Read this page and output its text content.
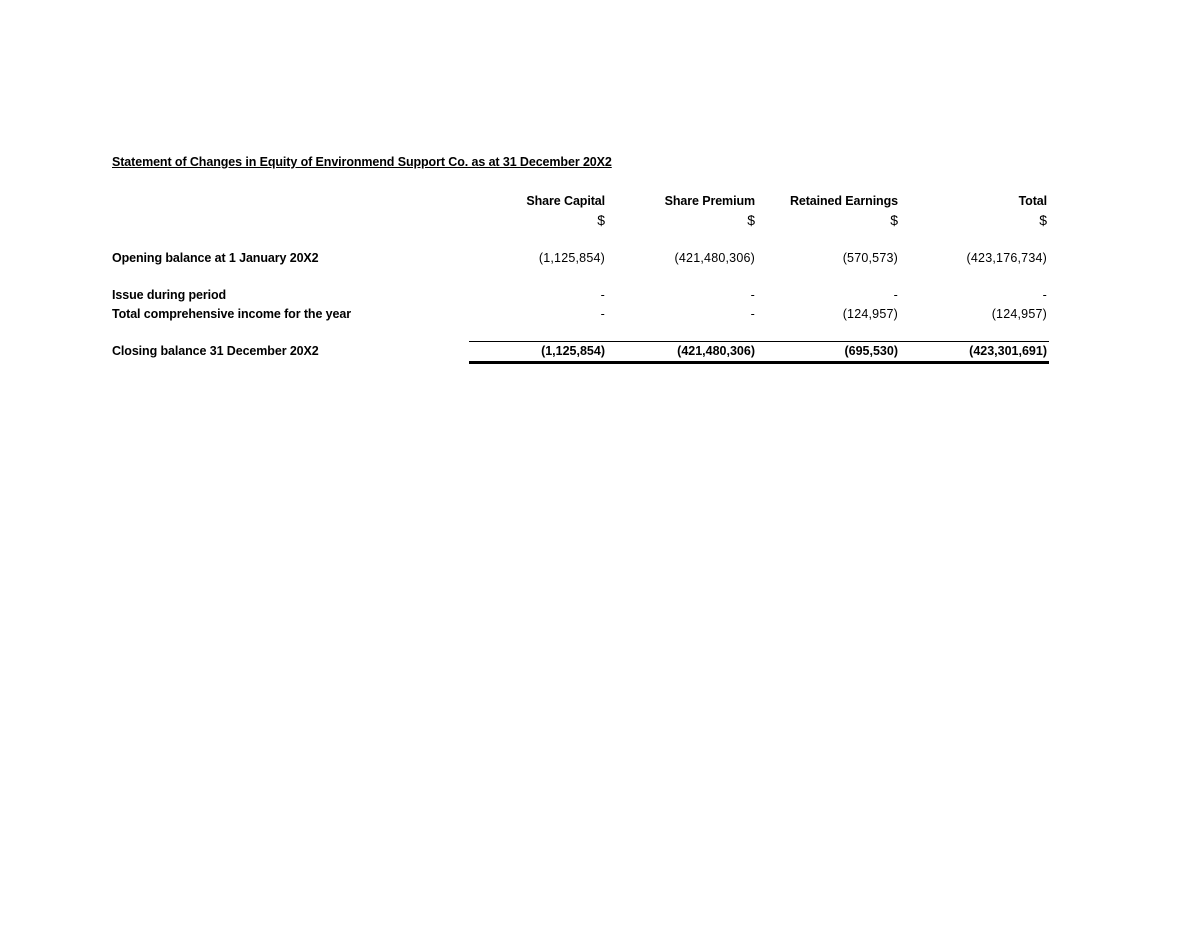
Statement of Changes in Equity of Environmend Support Co. as at 31 December 20X2
Share Capital	Share Premium	Retained Earnings	Total
$	$	$	$
Opening balance at 1 January 20X2	(1,125,854)	(421,480,306)	(570,573)	(423,176,734)
Issue during period	-	-	-	-
Total comprehensive income for the year	-	-	(124,957)	(124,957)
Closing balance 31 December 20X2	(1,125,854)	(421,480,306)	(695,530)	(423,301,691)
